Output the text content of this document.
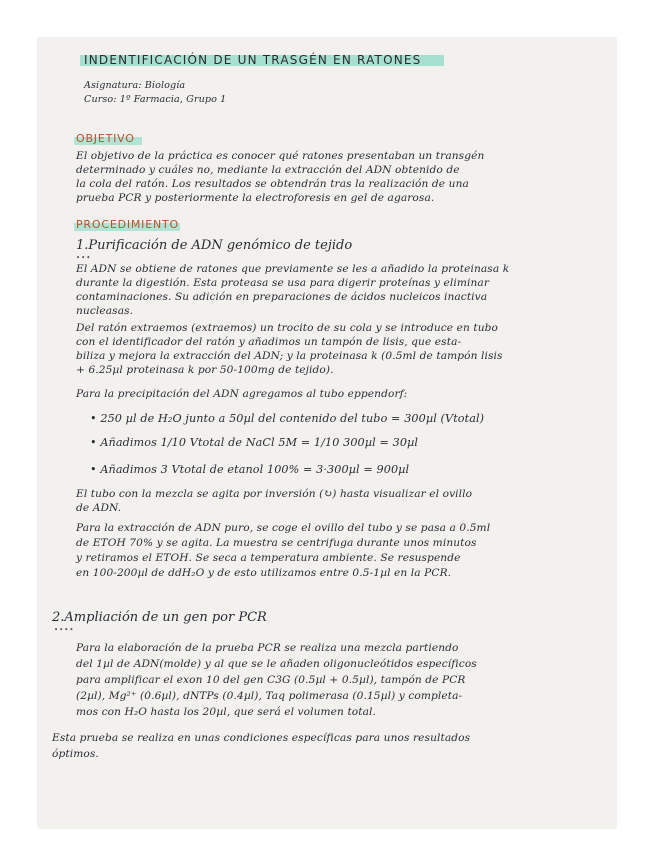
INDENTIFICACIÓN DE UN TRASGÉN EN RATONES
Asignatura: Biología
Curso: 1º Farmacia, Grupo 1
OBJETIVO
El objetivo de la práctica es conocer qué ratones presentaban un transgén
determinado y cuáles no, mediante la extracción del ADN obtenido de
la cola del ratón. Los resultados se obtendrán tras la realización de una
prueba PCR y posteriormente la electroforesis en gel de agarosa.
PROCEDIMIENTO
1.Purificación de ADN genómico de tejido
•••
El ADN se obtiene de ratones que previamente se les a añadido la proteinasa k
durante la digestión. Esta proteasa se usa para digerir proteínas y eliminar
contaminaciones. Su adición en preparaciones de ácidos nucleicos inactiva
nucleasas.
Del ratón extraemos (extraemos) un trocito de su cola y se introduce en tubo
con el identificador del ratón y añadimos un tampón de lisis, que esta-
biliza y mejora la extracción del ADN; y la proteinasa k (0.5ml de tampón lisis
+ 6.25µl proteinasa k por 50-100mg de tejido).
Para la precipitación del ADN agregamos al tubo eppendorf:
• 250 µl de H₂O junto a 50µl del contenido del tubo = 300µl (Vtotal)
• Añadimos 1/10 Vtotal de NaCl 5M = 1/10 300µl = 30µl
• Añadimos 3 Vtotal de etanol 100% = 3·300µl = 900µl
El tubo con la mezcla se agita por inversión (↻) hasta visualizar el ovillo
de ADN.
Para la extracción de ADN puro, se coge el ovillo del tubo y se pasa a 0.5ml
de ETOH 70% y se agita. La muestra se centrifuga durante unos minutos
y retiramos el ETOH. Se seca a temperatura ambiente. Se resuspende
en 100-200µl de ddH₂O y de esto utilizamos entre 0.5-1µl en la PCR.
2.Ampliación de un gen por PCR
••••
Para la elaboración de la prueba PCR se realiza una mezcla partiendo
del 1µl de ADN(molde) y al que se le añaden oligonucleótidos específicos
para amplificar el exon 10 del gen C3G (0.5µl + 0.5µl), tampón de PCR
(2µl), Mg²⁺ (0.6µl), dNTPs (0.4µl), Taq polimerasa (0.15µl) y completa-
mos con H₂O hasta los 20µl, que será el volumen total.
Esta prueba se realiza en unas condiciones específicas para unos resultados
óptimos.
